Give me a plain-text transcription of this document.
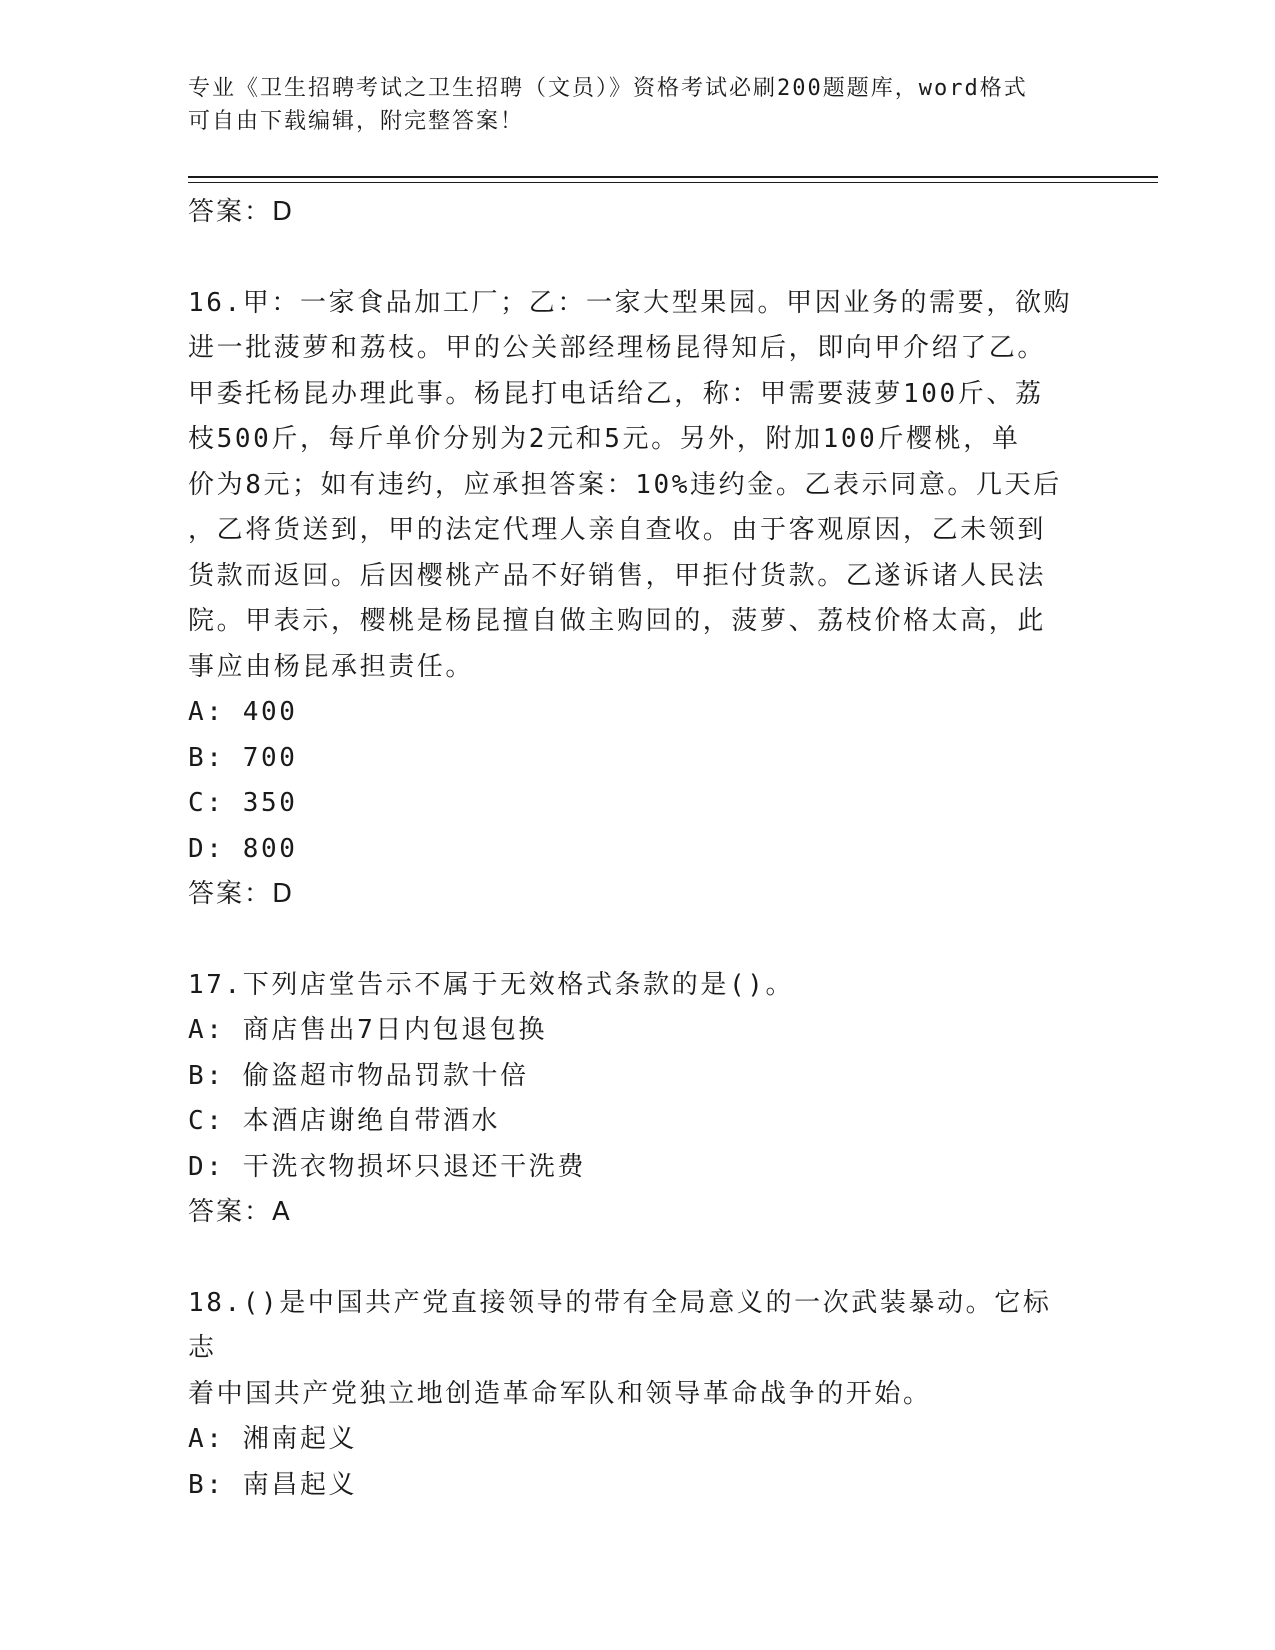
专业《卫生招聘考试之卫生招聘（文员）》资格考试必刷200题题库，word格式
可自由下载编辑，附完整答案！
答案：D

16.甲：一家食品加工厂；乙：一家大型果园。甲因业务的需要，欲购

进一批菠萝和荔枝。甲的公关部经理杨昆得知后，即向甲介绍了乙。

甲委托杨昆办理此事。杨昆打电话给乙，称：甲需要菠萝100斤、荔

枝500斤，每斤单价分别为2元和5元。另外，附加100斤樱桃，单

价为8元；如有违约，应承担答案：10%违约金。乙表示同意。几天后

，乙将货送到，甲的法定代理人亲自查收。由于客观原因，乙未领到

货款而返回。后因樱桃产品不好销售，甲拒付货款。乙遂诉诸人民法

院。甲表示，樱桃是杨昆擅自做主购回的，菠萝、荔枝价格太高，此

事应由杨昆承担责任。

A: 400

B: 700

C: 350

D: 800

答案：D

17.下列店堂告示不属于无效格式条款的是()。

A: 商店售出7日内包退包换

B: 偷盗超市物品罚款十倍

C: 本酒店谢绝自带酒水

D: 干洗衣物损坏只退还干洗费

答案：A

18.()是中国共产党直接领导的带有全局意义的一次武装暴动。它标志

着中国共产党独立地创造革命军队和领导革命战争的开始。

A: 湘南起义

B: 南昌起义
